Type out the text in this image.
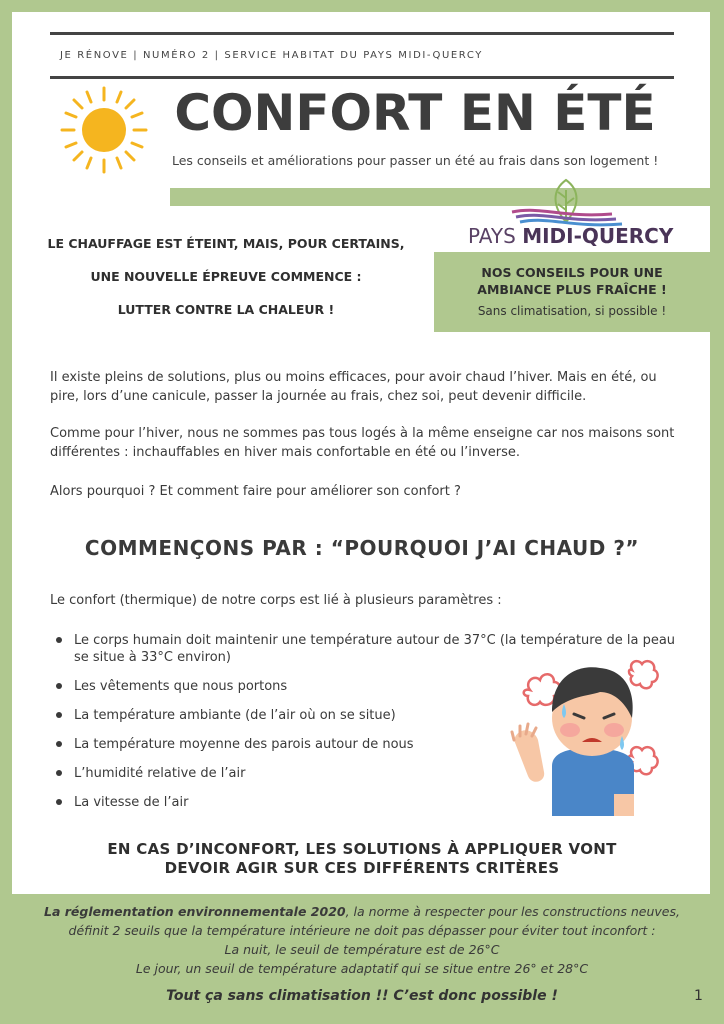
JE RÉNOVE | NUMÉRO 2 | SERVICE HABITAT DU PAYS MIDI-QUERCY
CONFORT EN ÉTÉ
Les conseils et améliorations pour passer un été au frais dans son logement !
PAYS MIDI-QUERCY
LE CHAUFFAGE EST ÉTEINT, MAIS, POUR CERTAINS,
UNE NOUVELLE ÉPREUVE COMMENCE :
LUTTER CONTRE LA CHALEUR !
NOS CONSEILS POUR UNE
AMBIANCE PLUS FRAÎCHE !
Sans climatisation, si possible !
Il existe pleins de solutions, plus ou moins efficaces, pour avoir chaud l’hiver. Mais en été, ou pire, lors d’une canicule, passer la journée au frais, chez soi, peut devenir difficile.
Comme pour l’hiver, nous ne sommes pas tous logés à la même enseigne car nos maisons sont différentes : inchauffables en hiver mais confortable en été ou l’inverse.
Alors pourquoi ? Et comment faire pour améliorer son confort ?
COMMENÇONS PAR : “POURQUOI J’AI CHAUD ?”
Le confort (thermique) de notre corps est lié à plusieurs paramètres :
Le corps humain doit maintenir une température autour de 37°C (la température de la peau se situe à 33°C environ)
Les vêtements que nous portons
La température ambiante (de l’air où on se situe)
La température moyenne des parois autour de nous
L’humidité relative de l’air
La vitesse de l’air
EN CAS D’INCONFORT, LES SOLUTIONS À APPLIQUER VONT
DEVOIR AGIR SUR CES DIFFÉRENTS CRITÈRES
La réglementation environnementale 2020, la norme à respecter pour les constructions neuves,
définit 2 seuils que la température intérieure ne doit pas dépasser pour éviter tout inconfort :
La nuit, le seuil de température est de 26°C
Le jour, un seuil de température adaptatif qui se situe entre 26° et 28°C
Tout ça sans climatisation !! C’est donc possible !	1
